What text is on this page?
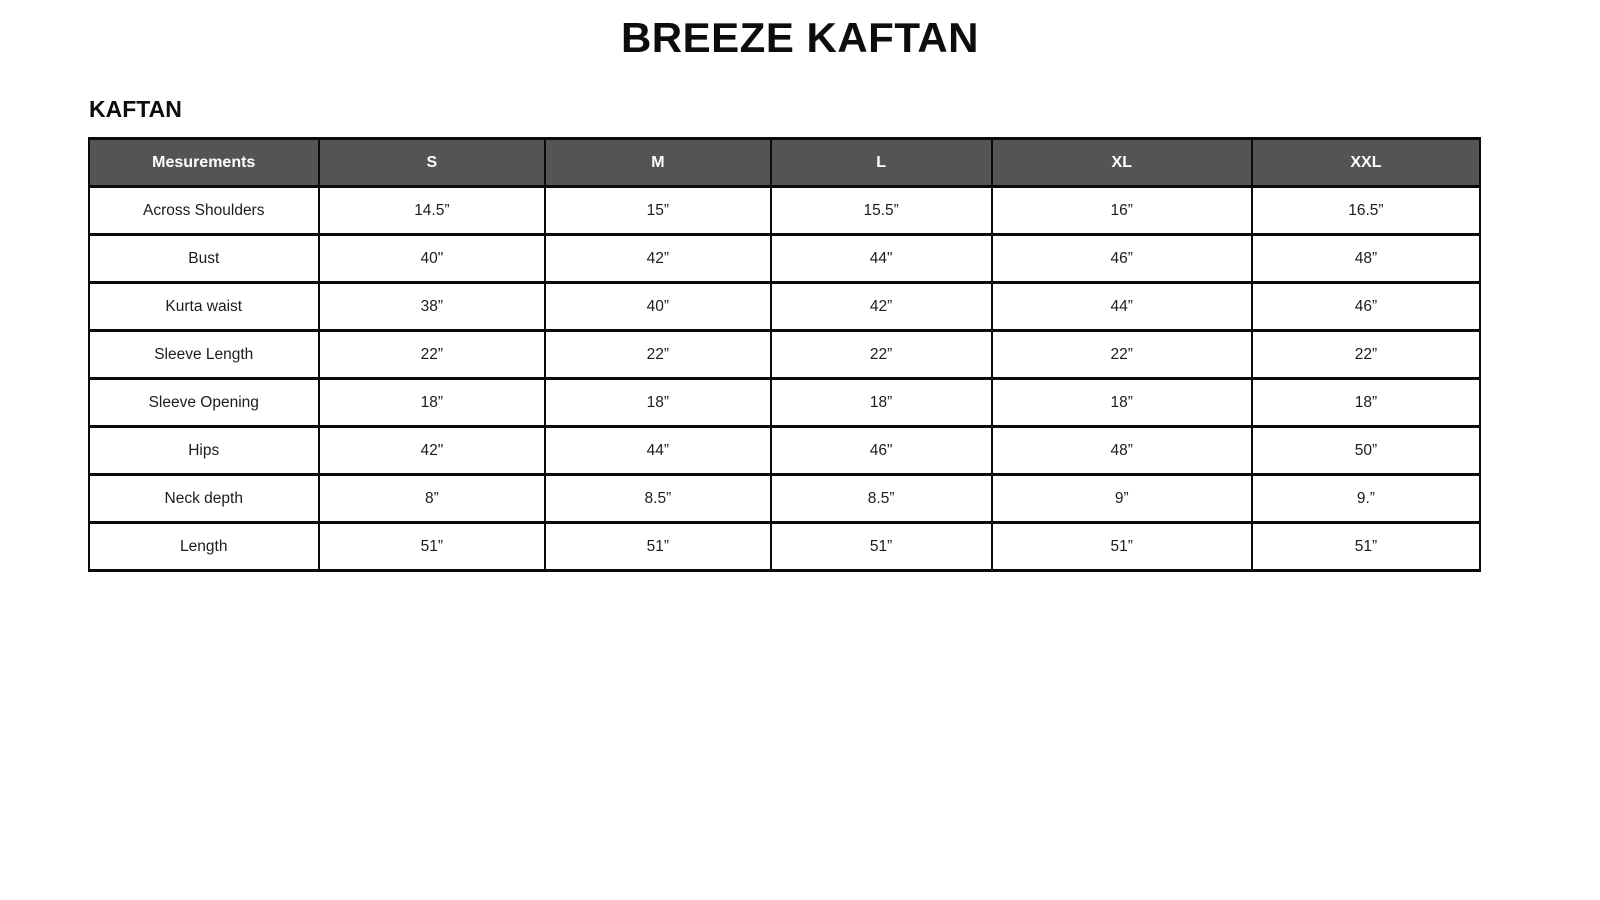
BREEZE KAFTAN
KAFTAN
Mesurements	S	M	L	XL	XXL
Across Shoulders	14.5”	15”	15.5”	16”	16.5”
Bust	40"	42”	44"	46”	48”
Kurta waist	38”	40”	42”	44”	46”
Sleeve Length	22”	22”	22”	22”	22”
Sleeve Opening	18”	18”	18”	18”	18”
Hips	42"	44”	46"	48”	50”
Neck depth	8”	8.5”	8.5”	9”	9.”
Length	51”	51”	51”	51”	51”
